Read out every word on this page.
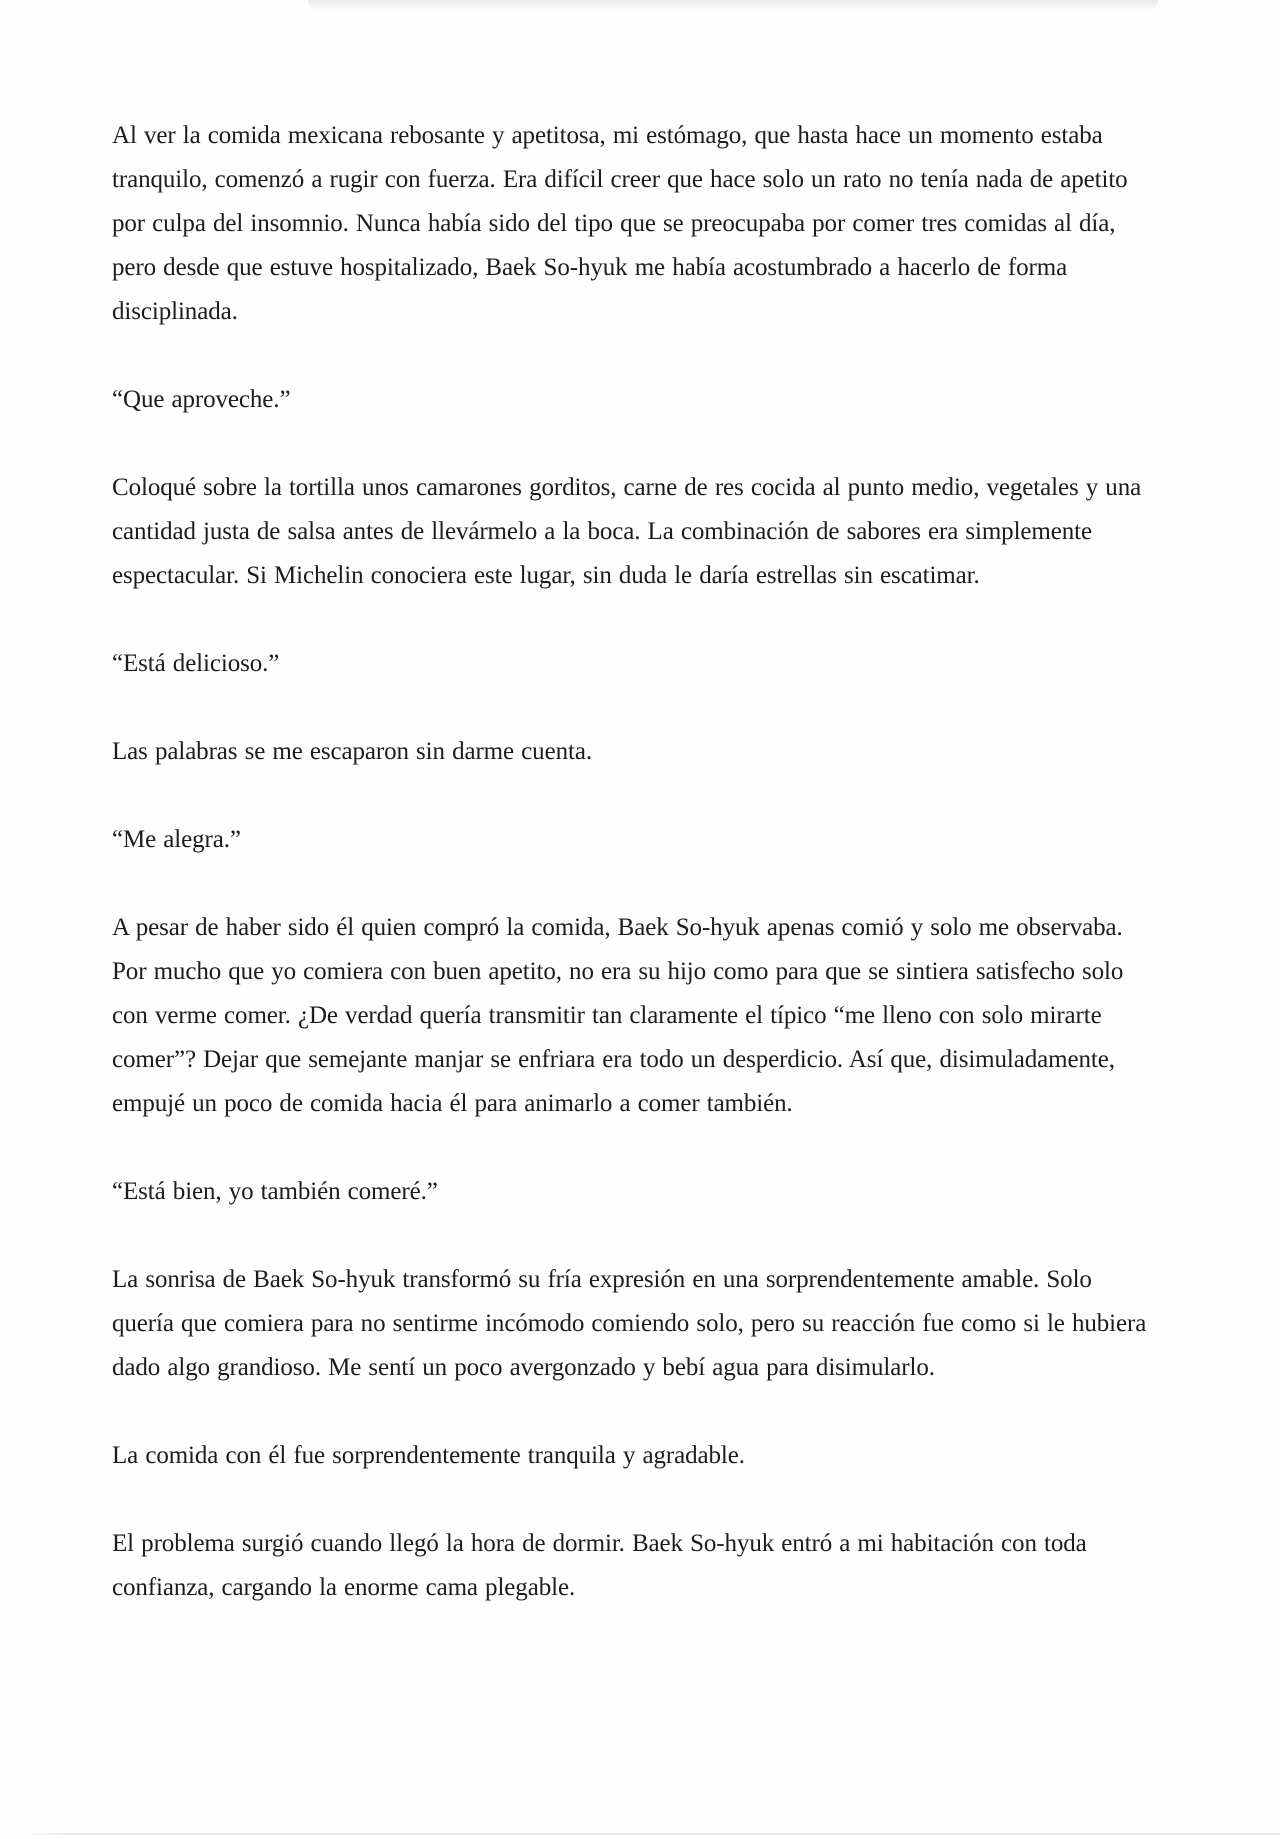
Al ver la comida mexicana rebosante y apetitosa, mi estómago, que hasta hace un momento estaba tranquilo, comenzó a rugir con fuerza. Era difícil creer que hace solo un rato no tenía nada de apetito por culpa del insomnio. Nunca había sido del tipo que se preocupaba por comer tres comidas al día, pero desde que estuve hospitalizado, Baek So-hyuk me había acostumbrado a hacerlo de forma disciplinada.

“Que aproveche.”

Coloqué sobre la tortilla unos camarones gorditos, carne de res cocida al punto medio, vegetales y una cantidad justa de salsa antes de llevármelo a la boca. La combinación de sabores era simplemente espectacular. Si Michelin conociera este lugar, sin duda le daría estrellas sin escatimar.

“Está delicioso.”

Las palabras se me escaparon sin darme cuenta.

“Me alegra.”

A pesar de haber sido él quien compró la comida, Baek So-hyuk apenas comió y solo me observaba. Por mucho que yo comiera con buen apetito, no era su hijo como para que se sintiera satisfecho solo con verme comer. ¿De verdad quería transmitir tan claramente el típico “me lleno con solo mirarte comer”? Dejar que semejante manjar se enfriara era todo un desperdicio. Así que, disimuladamente, empujé un poco de comida hacia él para animarlo a comer también.

“Está bien, yo también comeré.”

La sonrisa de Baek So-hyuk transformó su fría expresión en una sorprendentemente amable. Solo quería que comiera para no sentirme incómodo comiendo solo, pero su reacción fue como si le hubiera dado algo grandioso. Me sentí un poco avergonzado y bebí agua para disimularlo.

La comida con él fue sorprendentemente tranquila y agradable.

El problema surgió cuando llegó la hora de dormir. Baek So-hyuk entró a mi habitación con toda confianza, cargando la enorme cama plegable.
